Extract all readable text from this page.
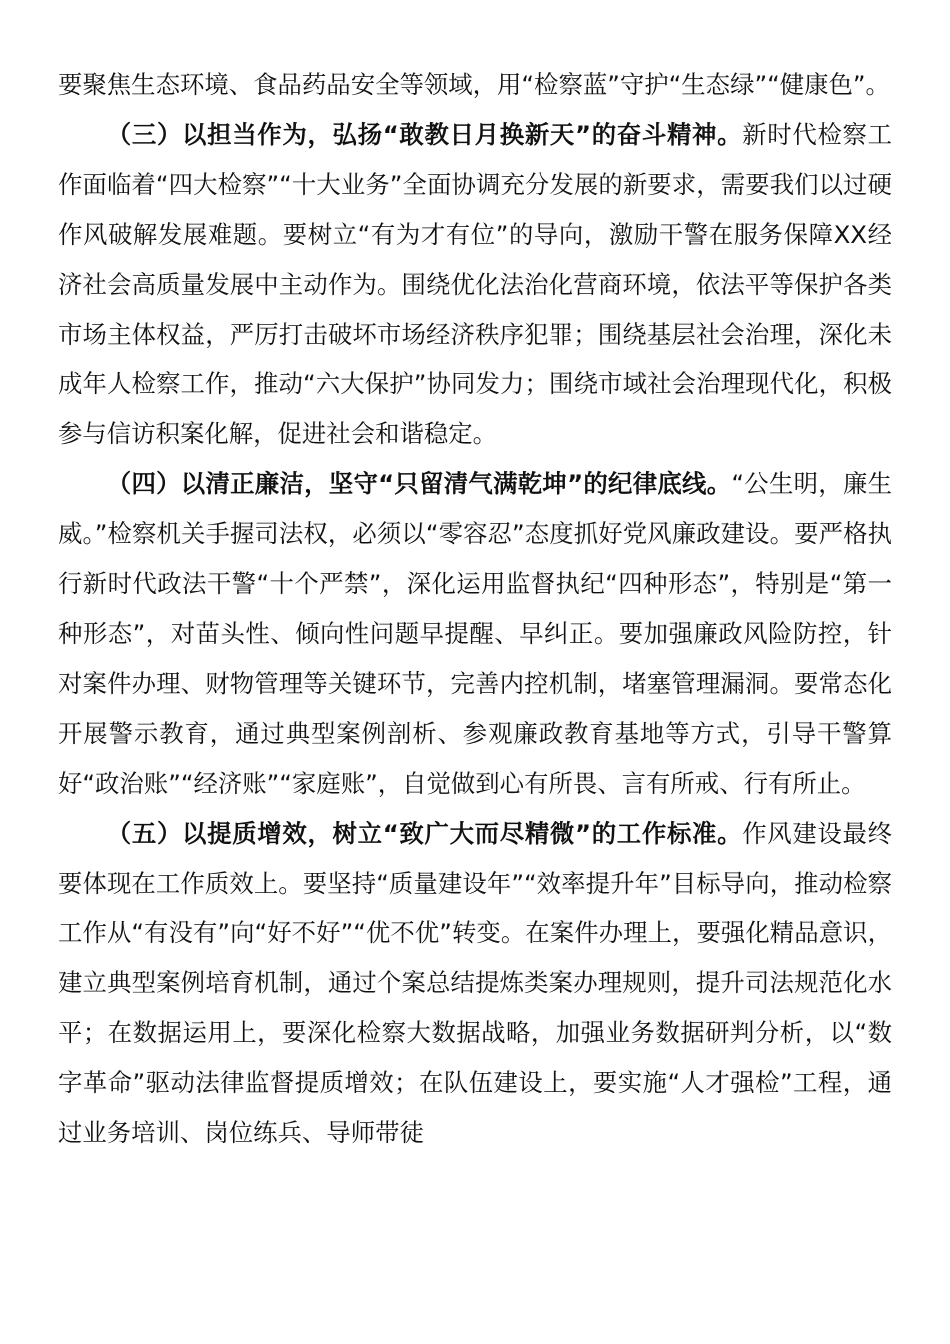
要聚焦生态环境、食品药品安全等领域，用“检察蓝”守护“生态绿”“健康色”。

（三）以担当作为，弘扬“敢教日月换新天”的奋斗精神。新时代检察工作面临着“四大检察”“十大业务”全面协调充分发展的新要求，需要我们以过硬作风破解发展难题。要树立“有为才有位”的导向，激励干警在服务保障XX经济社会高质量发展中主动作为。围绕优化法治化营商环境，依法平等保护各类市场主体权益，严厉打击破坏市场经济秩序犯罪；围绕基层社会治理，深化未成年人检察工作，推动“六大保护”协同发力；围绕市域社会治理现代化，积极参与信访积案化解，促进社会和谐稳定。

（四）以清正廉洁，坚守“只留清气满乾坤”的纪律底线。“公生明，廉生威。”检察机关手握司法权，必须以“零容忍”态度抓好党风廉政建设。要严格执行新时代政法干警“十个严禁”，深化运用监督执纪“四种形态”，特别是“第一种形态”，对苗头性、倾向性问题早提醒、早纠正。要加强廉政风险防控，针对案件办理、财物管理等关键环节，完善内控机制，堵塞管理漏洞。要常态化开展警示教育，通过典型案例剖析、参观廉政教育基地等方式，引导干警算好“政治账”“经济账”“家庭账”，自觉做到心有所畏、言有所戒、行有所止。

（五）以提质增效，树立“致广大而尽精微”的工作标准。作风建设最终要体现在工作质效上。要坚持“质量建设年”“效率提升年”目标导向，推动检察工作从“有没有”向“好不好”“优不优”转变。在案件办理上，要强化精品意识，建立典型案例培育机制，通过个案总结提炼类案办理规则，提升司法规范化水平；在数据运用上，要深化检察大数据战略，加强业务数据研判分析，以“数字革命”驱动法律监督提质增效；在队伍建设上，要实施“人才强检”工程，通过业务培训、岗位练兵、导师带徒
